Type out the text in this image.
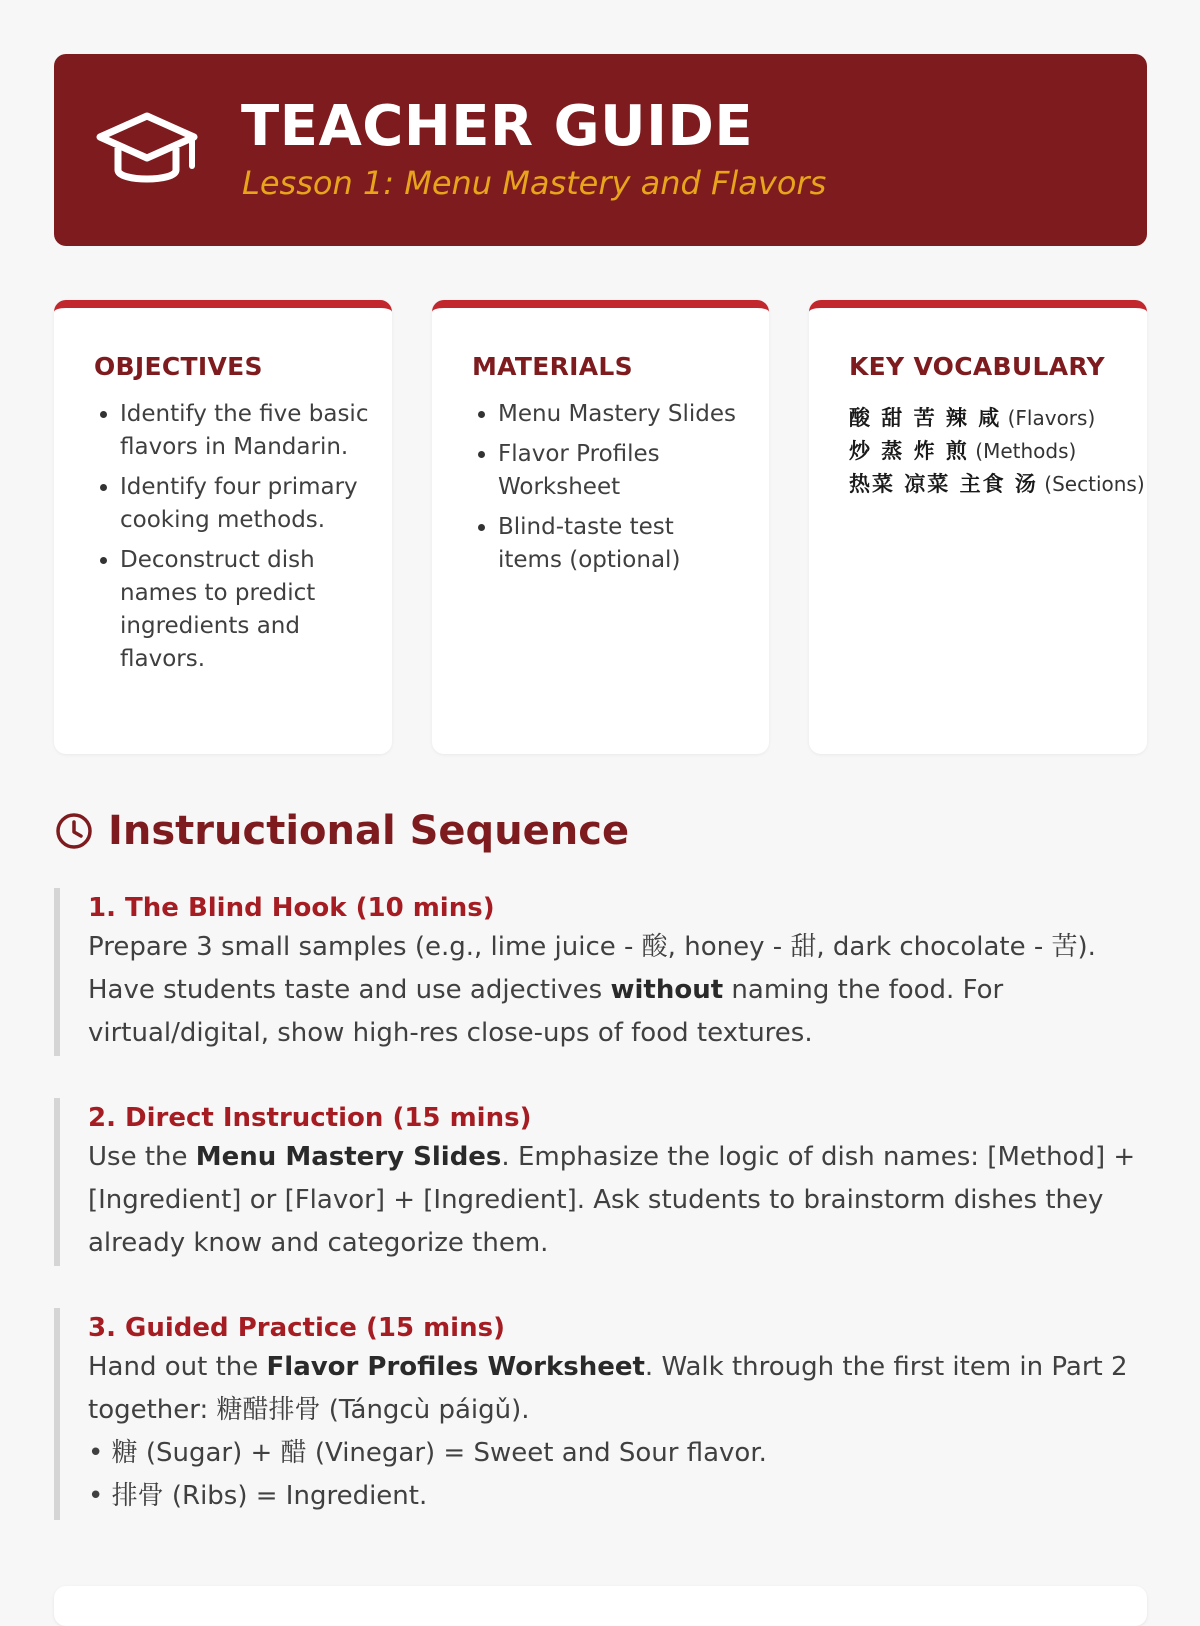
TEACHER GUIDE
Lesson 1: Menu Mastery and Flavors
OBJECTIVES
• Identify the five basic flavors in Mandarin.
• Identify four primary cooking methods.
• Deconstruct dish names to predict ingredients and flavors.
MATERIALS
• Menu Mastery Slides
• Flavor Profiles Worksheet
• Blind-taste test items (optional)
KEY VOCABULARY
酸 甜 苦 辣 咸 (Flavors)
炒 蒸 炸 煎 (Methods)
热菜 凉菜 主食 汤 (Sections)
Instructional Sequence
1. The Blind Hook (10 mins)
Prepare 3 small samples (e.g., lime juice - 酸, honey - 甜, dark chocolate - 苦). Have students taste and use adjectives without naming the food. For virtual/digital, show high-res close-ups of food textures.
2. Direct Instruction (15 mins)
Use the Menu Mastery Slides. Emphasize the logic of dish names: [Method] + [Ingredient] or [Flavor] + [Ingredient]. Ask students to brainstorm dishes they already know and categorize them.
3. Guided Practice (15 mins)
Hand out the Flavor Profiles Worksheet. Walk through the first item in Part 2 together: 糖醋排骨 (Tángcù páigǔ).
• 糖 (Sugar) + 醋 (Vinegar) = Sweet and Sour flavor.
• 排骨 (Ribs) = Ingredient.
